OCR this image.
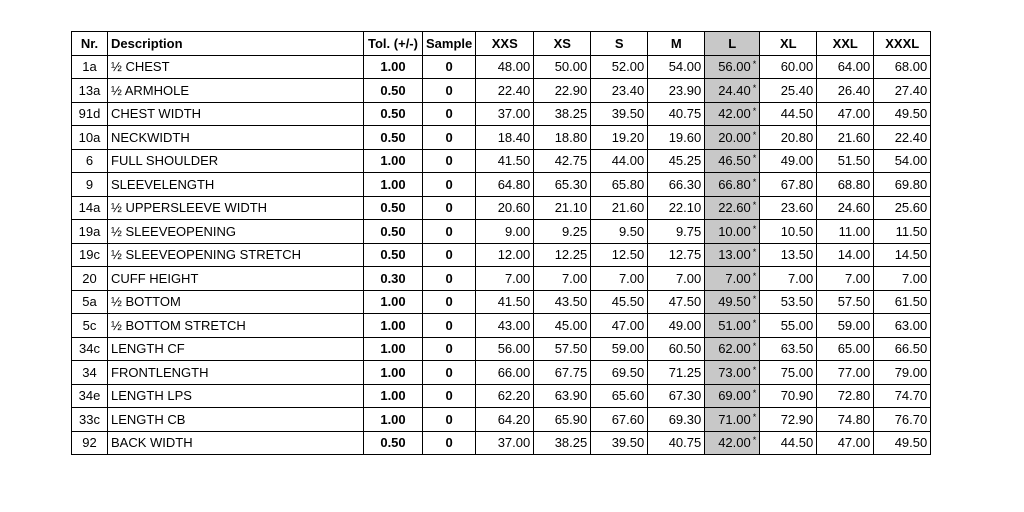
Nr.	Description	Tol. (+/-)	Sample	XXS	XS	S	M	L	XL	XXL	XXXL
1a	½ CHEST	1.00	0	48.00	50.00	52.00	54.00	56.00 *	60.00	64.00	68.00
13a	½ ARMHOLE	0.50	0	22.40	22.90	23.40	23.90	24.40 *	25.40	26.40	27.40
91d	CHEST WIDTH	0.50	0	37.00	38.25	39.50	40.75	42.00 *	44.50	47.00	49.50
10a	NECKWIDTH	0.50	0	18.40	18.80	19.20	19.60	20.00 *	20.80	21.60	22.40
6	FULL SHOULDER	1.00	0	41.50	42.75	44.00	45.25	46.50 *	49.00	51.50	54.00
9	SLEEVELENGTH	1.00	0	64.80	65.30	65.80	66.30	66.80 *	67.80	68.80	69.80
14a	½ UPPERSLEEVE WIDTH	0.50	0	20.60	21.10	21.60	22.10	22.60 *	23.60	24.60	25.60
19a	½ SLEEVEOPENING	0.50	0	9.00	9.25	9.50	9.75	10.00 *	10.50	11.00	11.50
19c	½ SLEEVEOPENING STRETCH	0.50	0	12.00	12.25	12.50	12.75	13.00 *	13.50	14.00	14.50
20	CUFF HEIGHT	0.30	0	7.00	7.00	7.00	7.00	7.00 *	7.00	7.00	7.00
5a	½ BOTTOM	1.00	0	41.50	43.50	45.50	47.50	49.50 *	53.50	57.50	61.50
5c	½ BOTTOM STRETCH	1.00	0	43.00	45.00	47.00	49.00	51.00 *	55.00	59.00	63.00
34c	LENGTH CF	1.00	0	56.00	57.50	59.00	60.50	62.00 *	63.50	65.00	66.50
34	FRONTLENGTH	1.00	0	66.00	67.75	69.50	71.25	73.00 *	75.00	77.00	79.00
34e	LENGTH LPS	1.00	0	62.20	63.90	65.60	67.30	69.00 *	70.90	72.80	74.70
33c	LENGTH CB	1.00	0	64.20	65.90	67.60	69.30	71.00 *	72.90	74.80	76.70
92	BACK WIDTH	0.50	0	37.00	38.25	39.50	40.75	42.00 *	44.50	47.00	49.50
